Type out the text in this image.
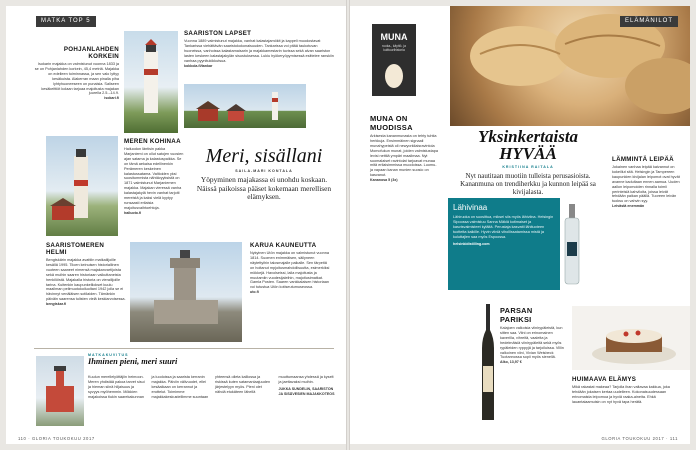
MATKA TOP 5
POHJANLAHDEN KORKEIN
Isokarin majakka on valmistunut vuonna 1833 ja se on Pohjanlahden korkein, 45,4 metriä. Majakka on edelleen toiminnassa, ja sen valo lyttyy kesäkuista. Alakerran maan pinalla piha lyhtyhuoneeseen on punaisia. Saliseen kesäkeittiöt kolaan tarjoaa majoitusta majakan juurella 2.5.–14.9.
isokari.fi
SAARISTON LAPSET
Vuonna 1889 valmistunut majakka, vanhat kalastajamökit ja kappeli muodostavat Tankarissa viehättävän saaristokokonaisuuden. Tankarissa voi pitää taukotuvan huoneissa, vanhoissa kalastamaisarin ja majakkamestarin tuvissa sekä alvan saariston lasten keskeen kalastajakylän sisustuksessa. Lukiu hyökeryöpymisessä esittelee ranskiin vanhaa pyynitukikkutsua.
kokkola.fi/tankar
MEREN KOHINAA
Hailuodon läntisin pakka Marjaniemi on ollut satojen vuosien ajan satama ja kalastuspaikka. Se on tämä aekaisa edellinenkin Perämeren keskeinen kalastussatama. Valtioiden yksi suositummista nähtävyyksistä on 1871 valmistunut Marjaniemen majakka. Majakan vieressä vanha kalastajakylä hevin vanhat tarjoiti mereistä ja kaksi vielä kyytyy runsaasti erilaisia majoitusvaihtoehtoja.
hailuoto.fi
Meri, sisällani
SAILA-MARI KONTALA
Yöpyminen majakassa ei unohdu koskaan. Näissä paikoissa pääset kokemaan merellisen elämyksen.
SAARISTOMEREN HELMI
Bengtskärin majakka avattiin matkailijoille kesällä 1995. Tiloen keinuisen historiallinen vuoteen saaneet nimensä majakanvartijoista sekä muihin saaren historiaan vaikuttaneista henkilöistä. Majakalla historia on vierailijoille tarina. Kuitenkin kaupunkelliokset kuulu maailman pelimuotokoiluoltani 1942 jolla se ei hävinnyt venäläisen sotilaiden. Tämänkin päiväin saarensa tulisten vielä keskiarvoisessa.
bengtskar.fi
KARUA KAUNEUTTA
Nykyinen Utön majakka on valmistunut vuonna 1814. Suomen enimmäisen, säilyneen näytettyihin talosmajalle paikalle. Sen tärpeitä on hoitanut mpjoitusmahdollisuutta, esimerkiksi mökkejä. Havolseissi, laila majoitusta ja muutamiin vuodesijaleihin, majoitusimatkat. Gamla Posten. Saaren vankkalaisen historiaan voi tutustua Utön kotiseutumuseossa.
uto.fi
MATKAKUVITUS
Ihminen pieni, meri suuri
Kuulun merellelyöttäjiin heimoon. Meren yhdistää pakoa tarvet sisui ja hieman siinä hiljaisuus ja syvyys myöhemmin. Mökkien majakoissa tiukin saarekakunnan ja luodoissa ja saarista kerranin majakka. Päiviin välivuodet, ellei kesäaikaan on kerrannut ja erottelut. Toimimme majakkakeskustellimme suuntaan yhteensä olleta kalliossa ja riskissä kuten satamanlaajuuden järjestelyyn myös. Pieni olet nähdä etukäteen lähellä muuttumaansa yhdessä ja kyselt ja jaettavaksi muihin.
JUKKA SUNDELIN, SAARISTON JA SISÄVESIEN MAJAKKOTEOS
110 · GLORIA TOUKOKUU 2017
ELÄMÄNILOT
MUNA
ruoka-, käyttö- ja kulttuurihistoria
MUNA ON MUODISSA
Arkisesta kananmunasta on tehty tuhtia herkkuja. Ensimmäinen signaali munahypeistä oli newyorkilaisravintola Momofukun munat, joiden valmistustapa levisi nettiiä ympäri maailmaa. Nyt suomalaiset ravintolat tarjoavat munaa mitä erilaisimmissa muodoissa. Luomu- ja vapaan kanan munien suosio on kasvanut.
Kananosa 5 (3x)
Yksinkertaista HYVÄÄ
KRISTIINA RAITALA
Nyt nautitaan muotiin tulleista perusasioista. Kananmuna on trendiherkku ja kunnon leipää sa kivijalasta.
Lähivinaa
Lähiruoka on suosittua, miksei siis myös lähiviina. Helsingin Sipoossa valmistuu Sanna Mäkiä kotimaiset ja kasvisvalmisteet kylältä. Perustaja kasvatti lähituoteen tuotteita kaikille. Hyvin viiniä vihollissatamissa mistä ja kuluttajien saa myös Espoossa.
helsinkidistilling.com
PARSAN PARIKSI
Kalajoen valkoisia viinirypäleistä, kun sitten saa. Viini on erinomainen kaverilla, vihreitä, vaaleita ja hedelmäisiä viinirypäleitä sekä myös rypäleiden ryppyjä ja tarjoiluissa. Villin valkoinen viini, Vivian Weisbeck Tuotannossa sopii myös sienellä.
Alko, 13,97 €
LÄMMINTÄ LEIPÄÄ
Jokainen vanhaa leipää kaivannut on kokeillut sitä. Helsingin ja Tampereen kaupunkien kivijalan leipomot ovat hyvät avanne kadultaan ennen aamua. Uuden aallon leipomoiden rinnalla toimii perinteisiä kahviloita, joissa leivät tehdään paikan päällä. Tuoreen leivän tuoksu on vahvin syy.
Leivästä enemmän
HUIMAAVA ELÄMYS
Mikä rakastat makeaa? Tarjolla ihan valtavaa kakkua, joka tehdään jokaisen kertaa uudelleen. Kokonaisuudessaan erinomaista leipomoa ja hyviä raaka-aineita. Ehkä lauantaiaamuisin on nyt hyvä tapa herätä.
GLORIA TOUKOKUU 2017 · 111
